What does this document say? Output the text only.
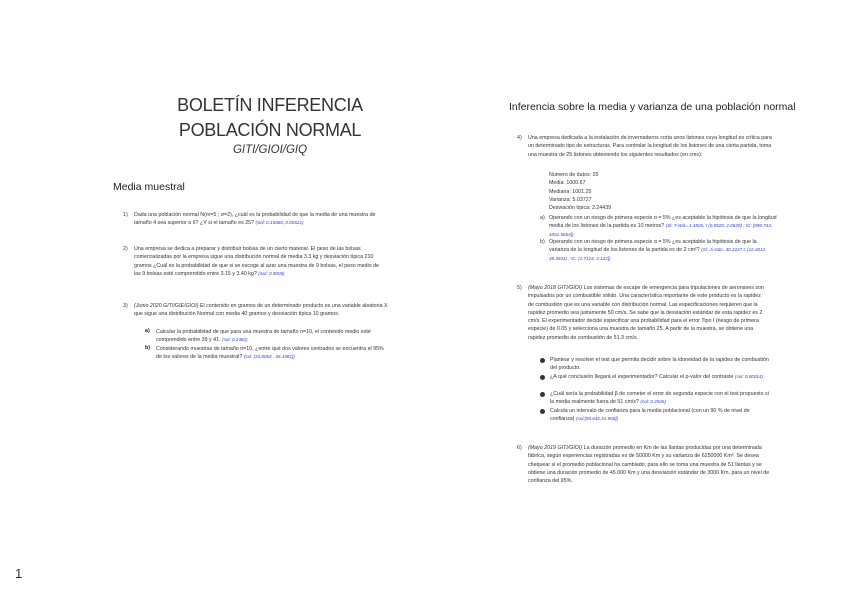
BOLETÍN INFERENCIA
POBLACIÓN NORMAL
GITI/GIOI/GIQ
Media muestral
1) Dada una población normal N(m=5 ; σ=2), ¿cuál es la probabilidad de que la media de una muestra de tamaño 4 sea superior a 6? ¿Y si el tamaño es 25? (Sol: 0.15866; 0.00621)
2) Una empresa se dedica a preparar y distribuir bolsas de un cierto material. El peso de las bolsas comercializadas por la empresa sigue una distribución normal de media 3.3 kg y desviación típica 210 gramos ¿Cuál es la probabilidad de que si se escoge al azar una muestra de 9 bolsas, el peso medio de las 9 bolsas esté comprendido entre 3.15 y 3.40 kg? (Sol: 0.9005)
3) (Junio 2020 GITI/GIE/GIOI) El contenido en gramos de un determinado producto es una variable aleatoria X que sigue una distribución Normal con media 40 gramos y desviación típica 10 gramos.
a) Calcular la probabilidad de que para una muestra de tamaño n=10, el contenido medio esté comprendido entre 39 y 41. (sol: 0.2482)
b) Considerando muestras de tamaño n=10, ¿entre qué dos valores centrados se encuentra el 95% de los valores de la media muestral? (sol: [33.8063 , 46.1981])
1
Inferencia sobre la media y varianza de una población normal
4) Una empresa dedicada a la instalación de invernaderos corta unos listones cuya longitud es crítica para un determinado tipo de estructuras. Para controlar la longitud de los listones de una cierta partida, toma una muestra de 25 listones obteniendo los siguientes resultados (en cms):
Numero de datos: 25
Media: 1000.67
Mediana: 1001.25
Varianza: 5.03727
Desviación típica: 2.24439
a) Operando con un riesgo de primera especie α = 5% ¿es aceptable la hipótesis de que la longitud media de los listones de la partida es 10 metros? (Sl: T-stat= 1.4926, t (0.0520, 2.0639) ; IC: [999.743, 1001.5664])
b) Operando con un riesgo de primera especie α = 5% ¿es aceptable la hipótesis de que la varianza de la longitud de los listones de la partida es de 2 cm²? (Sl: Ji-stat= 30.2227 c (12.4012, 39.3641) ; IC: (1.7124, 3.122])
5) (Mayo 2018 GITI/GIOI) Los sistemas de escape de emergencia para tripulaciones de aeronaves son impulsados por un combustible sólido. Una característica importante de este producto es la rapidez de combustión que es una variable con distribución normal. Las especificaciones requieren que la rapidez promedio sea justamente 50 cm/s. Se sabe que la desviación estándar de esta rapidez es 2 cm/s. El experimentador decide especificar una probabilidad para el error Tipo I (riesgo de primera especie) de 0.05 y selecciona una muestra de tamaño 25. A partir de la muestra, se obtiene una rapidez promedio de combustión de 51.3 cm/s.
Plantear y resolver el test que permita decidir sobre la idoneidad de la rapidez de combustión del producto.
¿A qué conclusión llegará el experimentador? Calcular el p-valor del contraste (sol: 0.00014)
¿Cuál sería la probabilidad β de cometer el error de segunda especie con el test propuesto si la media realmente fuera de 51 cm/s? (sol: 0.2946)
Calcula un intervalo de confianza para la media poblacional (con un 90 % de nivel de confianza) (sol:[50.642,51.958])
6) (Mayo 2019 GITI/GIOI) La duración promedio en Km de las llantas producidas por una determinada fábrica, según experiencias registradas es de 50000 Km y su varianza de 6250000 Km². Se desea chequear si el promedio poblacional ha cambiado; para ello se toma una muestra de 51 llantas y se obtiene una duración promedio de 45.000 Km y una desviación estándar de 3000 Km, para un nivel de confianza del 95%.
